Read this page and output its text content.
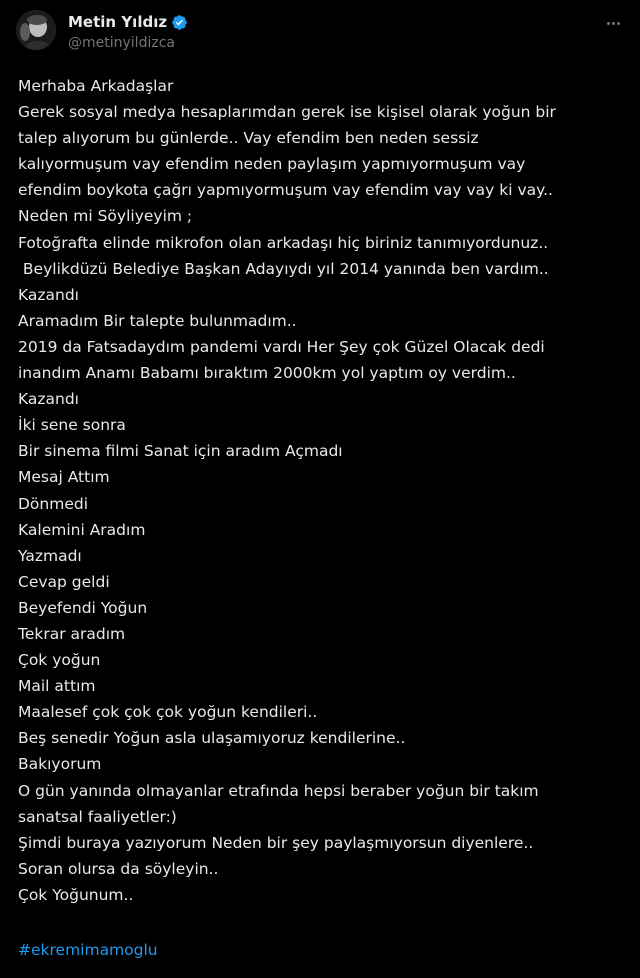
Metin Yıldız
@metinyildizca
Merhaba Arkadaşlar
Gerek sosyal medya hesaplarımdan gerek ise kişisel olarak yoğun bir
talep alıyorum bu günlerde.. Vay efendim ben neden sessiz
kalıyormuşum vay efendim neden paylaşım yapmıyormuşum vay
efendim boykota çağrı yapmıyormuşum vay efendim vay vay ki vay..
Neden mi Söyliyeyim ;
Fotoğrafta elinde mikrofon olan arkadaşı hiç biriniz tanımıyordunuz..
Beylikdüzü Belediye Başkan Adayıydı yıl 2014 yanında ben vardım..
Kazandı
Aramadım Bir talepte bulunmadım..
2019 da Fatsadaydım pandemi vardı Her Şey çok Güzel Olacak dedi
inandım Anamı Babamı bıraktım 2000km yol yaptım oy verdim..
Kazandı
İki sene sonra
Bir sinema filmi Sanat için aradım Açmadı
Mesaj Attım
Dönmedi
Kalemini Aradım
Yazmadı
Cevap geldi
Beyefendi Yoğun
Tekrar aradım
Çok yoğun
Mail attım
Maalesef çok çok çok yoğun kendileri..
Beş senedir Yoğun asla ulaşamıyoruz kendilerine..
Bakıyorum
O gün yanında olmayanlar etrafında hepsi beraber yoğun bir takım
sanatsal faaliyetler:)
Şimdi buraya yazıyorum Neden bir şey paylaşmıyorsun diyenlere..
Soran olursa da söyleyin..
Çok Yoğunum..
#ekremimamoglu
